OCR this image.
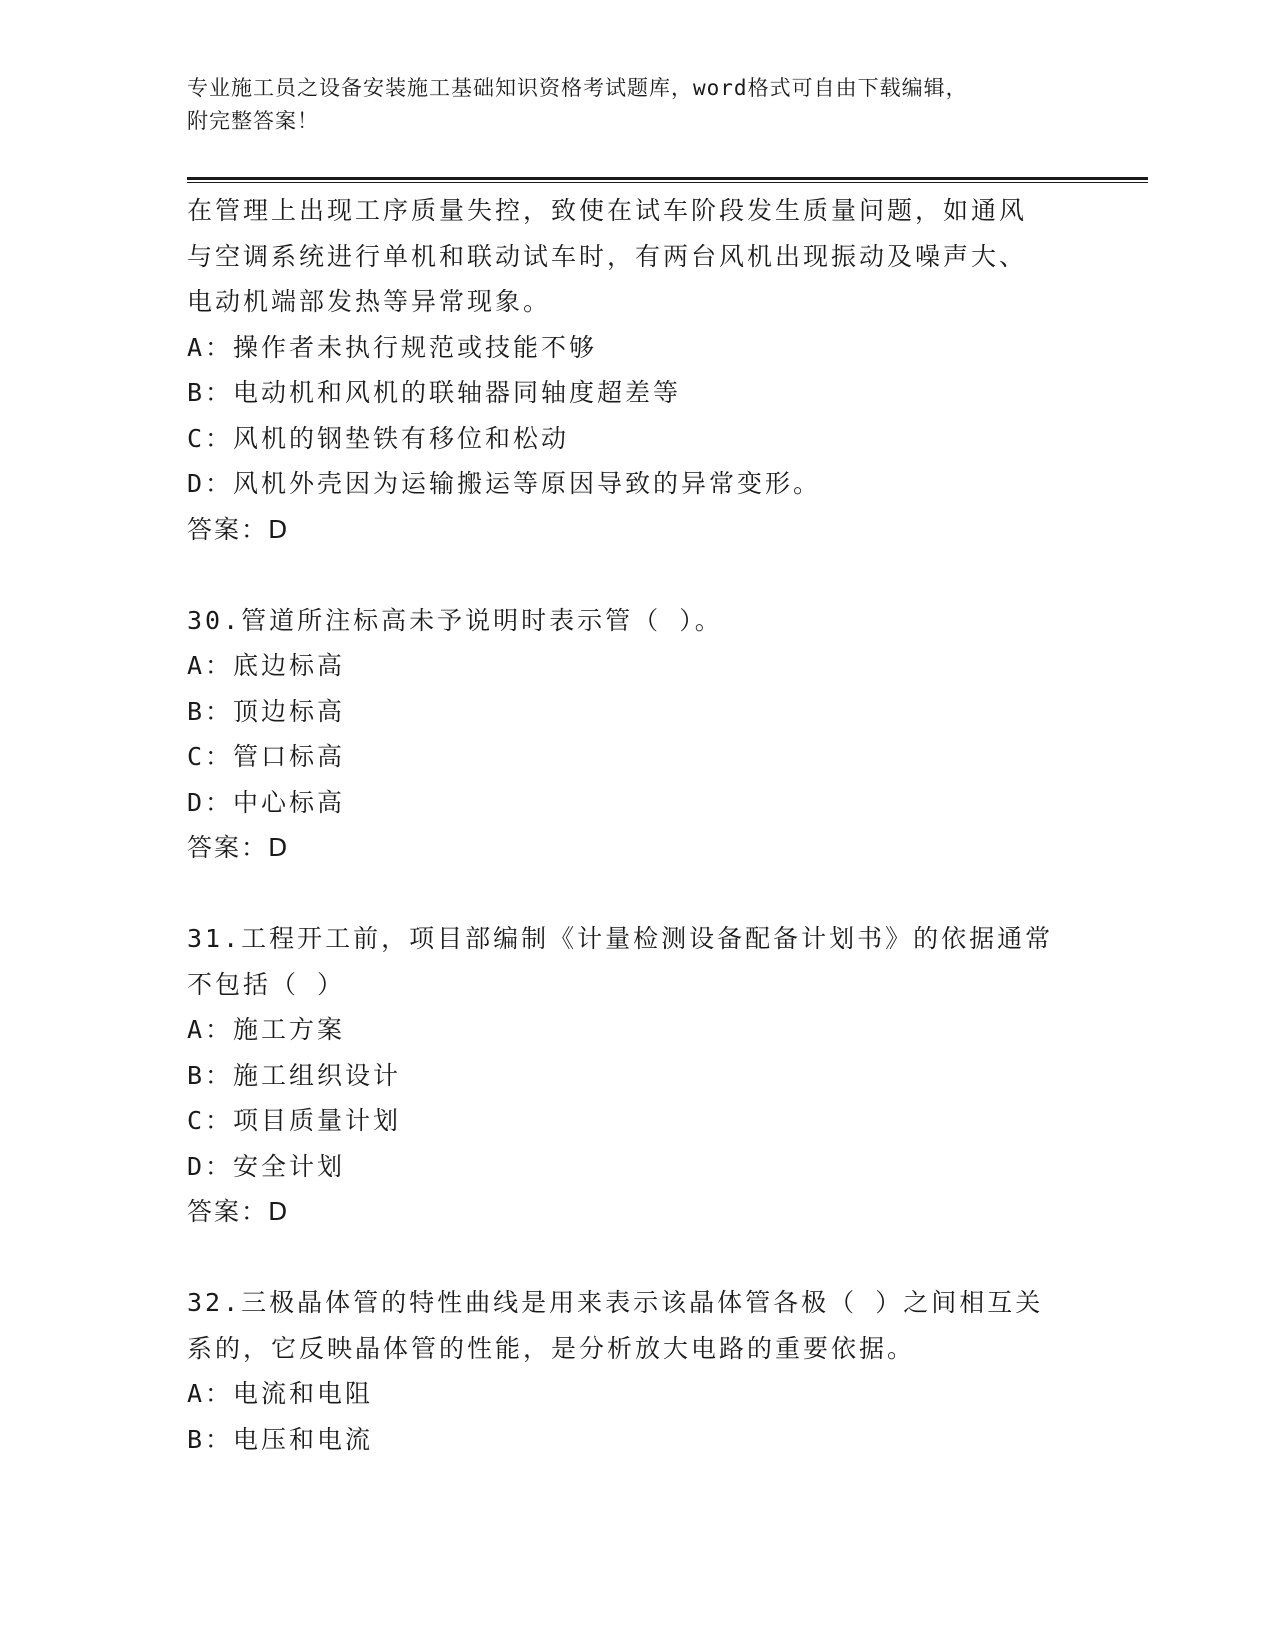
专业施工员之设备安装施工基础知识资格考试题库，word格式可自由下载编辑，
附完整答案！
在管理上出现工序质量失控，致使在试车阶段发生质量问题，如通风
与空调系统进行单机和联动试车时，有两台风机出现振动及噪声大、
电动机端部发热等异常现象。
A：操作者未执行规范或技能不够
B：电动机和风机的联轴器同轴度超差等
C：风机的钢垫铁有移位和松动
D：风机外壳因为运输搬运等原因导致的异常变形。
答案：D
30.管道所注标高未予说明时表示管（ ）。
A：底边标高
B：顶边标高
C：管口标高
D：中心标高
答案：D
31.工程开工前，项目部编制《计量检测设备配备计划书》的依据通常
不包括（ ）
A：施工方案
B：施工组织设计
C：项目质量计划
D：安全计划
答案：D
32.三极晶体管的特性曲线是用来表示该晶体管各极（ ）之间相互关
系的，它反映晶体管的性能，是分析放大电路的重要依据。
A：电流和电阻
B：电压和电流
